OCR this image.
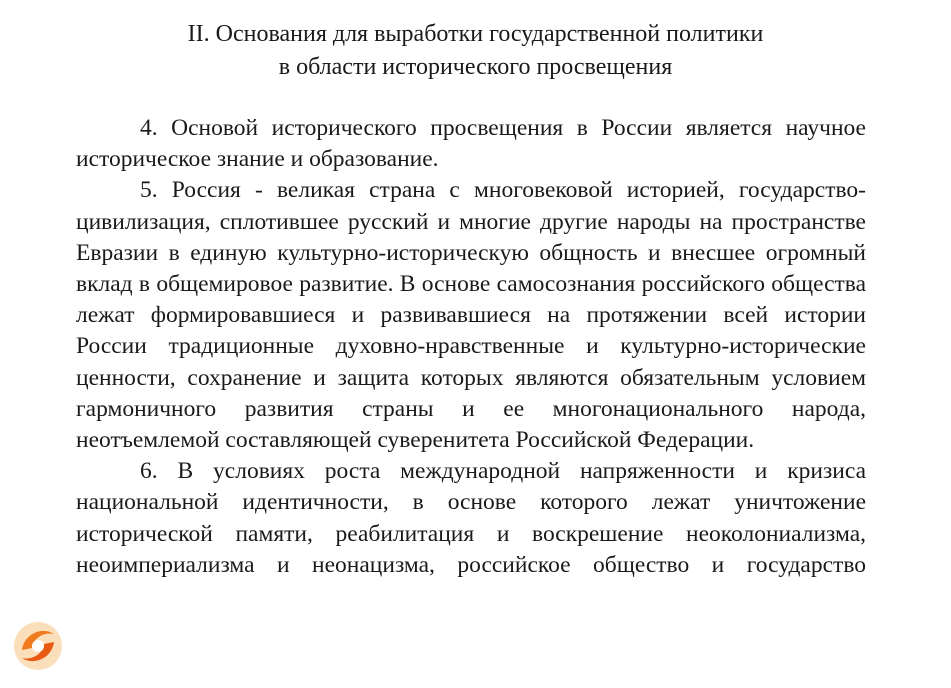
II. Основания для выработки государственной политики
в области исторического просвещения

4. Основой исторического просвещения в России является научное историческое знание и образование.

5. Россия - великая страна с многовековой историей, государство-цивилизация, сплотившее русский и многие другие народы на пространстве Евразии в единую культурно-историческую общность и внесшее огромный вклад в общемировое развитие. В основе самосознания российского общества лежат формировавшиеся и развивавшиеся на протяжении всей истории России традиционные духовно-нравственные и культурно-исторические ценности, сохранение и защита которых являются обязательным условием гармоничного развития страны и ее многонационального народа, неотъемлемой составляющей суверенитета Российской Федерации.

6. В условиях роста международной напряженности и кризиса национальной идентичности, в основе которого лежат уничтожение исторической памяти, реабилитация и воскрешение неоколониализма, неоимпериализма и неонацизма, российское общество и государство
